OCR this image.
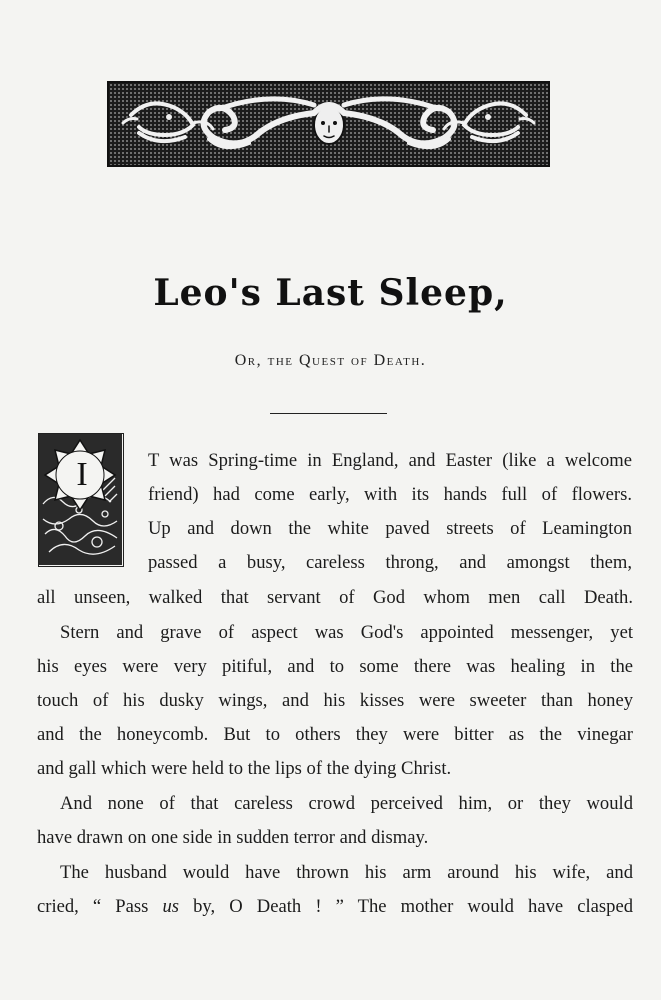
Leo's Last Sleep,
Or, the Quest of Death.
I	T was Spring-time in England, and Easter (like a welcome
friend) had come early, with its hands full of flowers.
Up and down the white paved streets of Leamington
passed a busy, careless throng, and amongst them,
all unseen, walked that servant of God whom men call Death.
Stern and grave of aspect was God's appointed messenger, yet
his eyes were very pitiful, and to some there was healing in the
touch of his dusky wings, and his kisses were sweeter than honey
and the honeycomb. But to others they were bitter as the vinegar
and gall which were held to the lips of the dying Christ.
And none of that careless crowd perceived him, or they would
have drawn on one side in sudden terror and dismay.
The husband would have thrown his arm around his wife, and
cried, “ Pass us by, O Death ! ” The mother would have clasped
